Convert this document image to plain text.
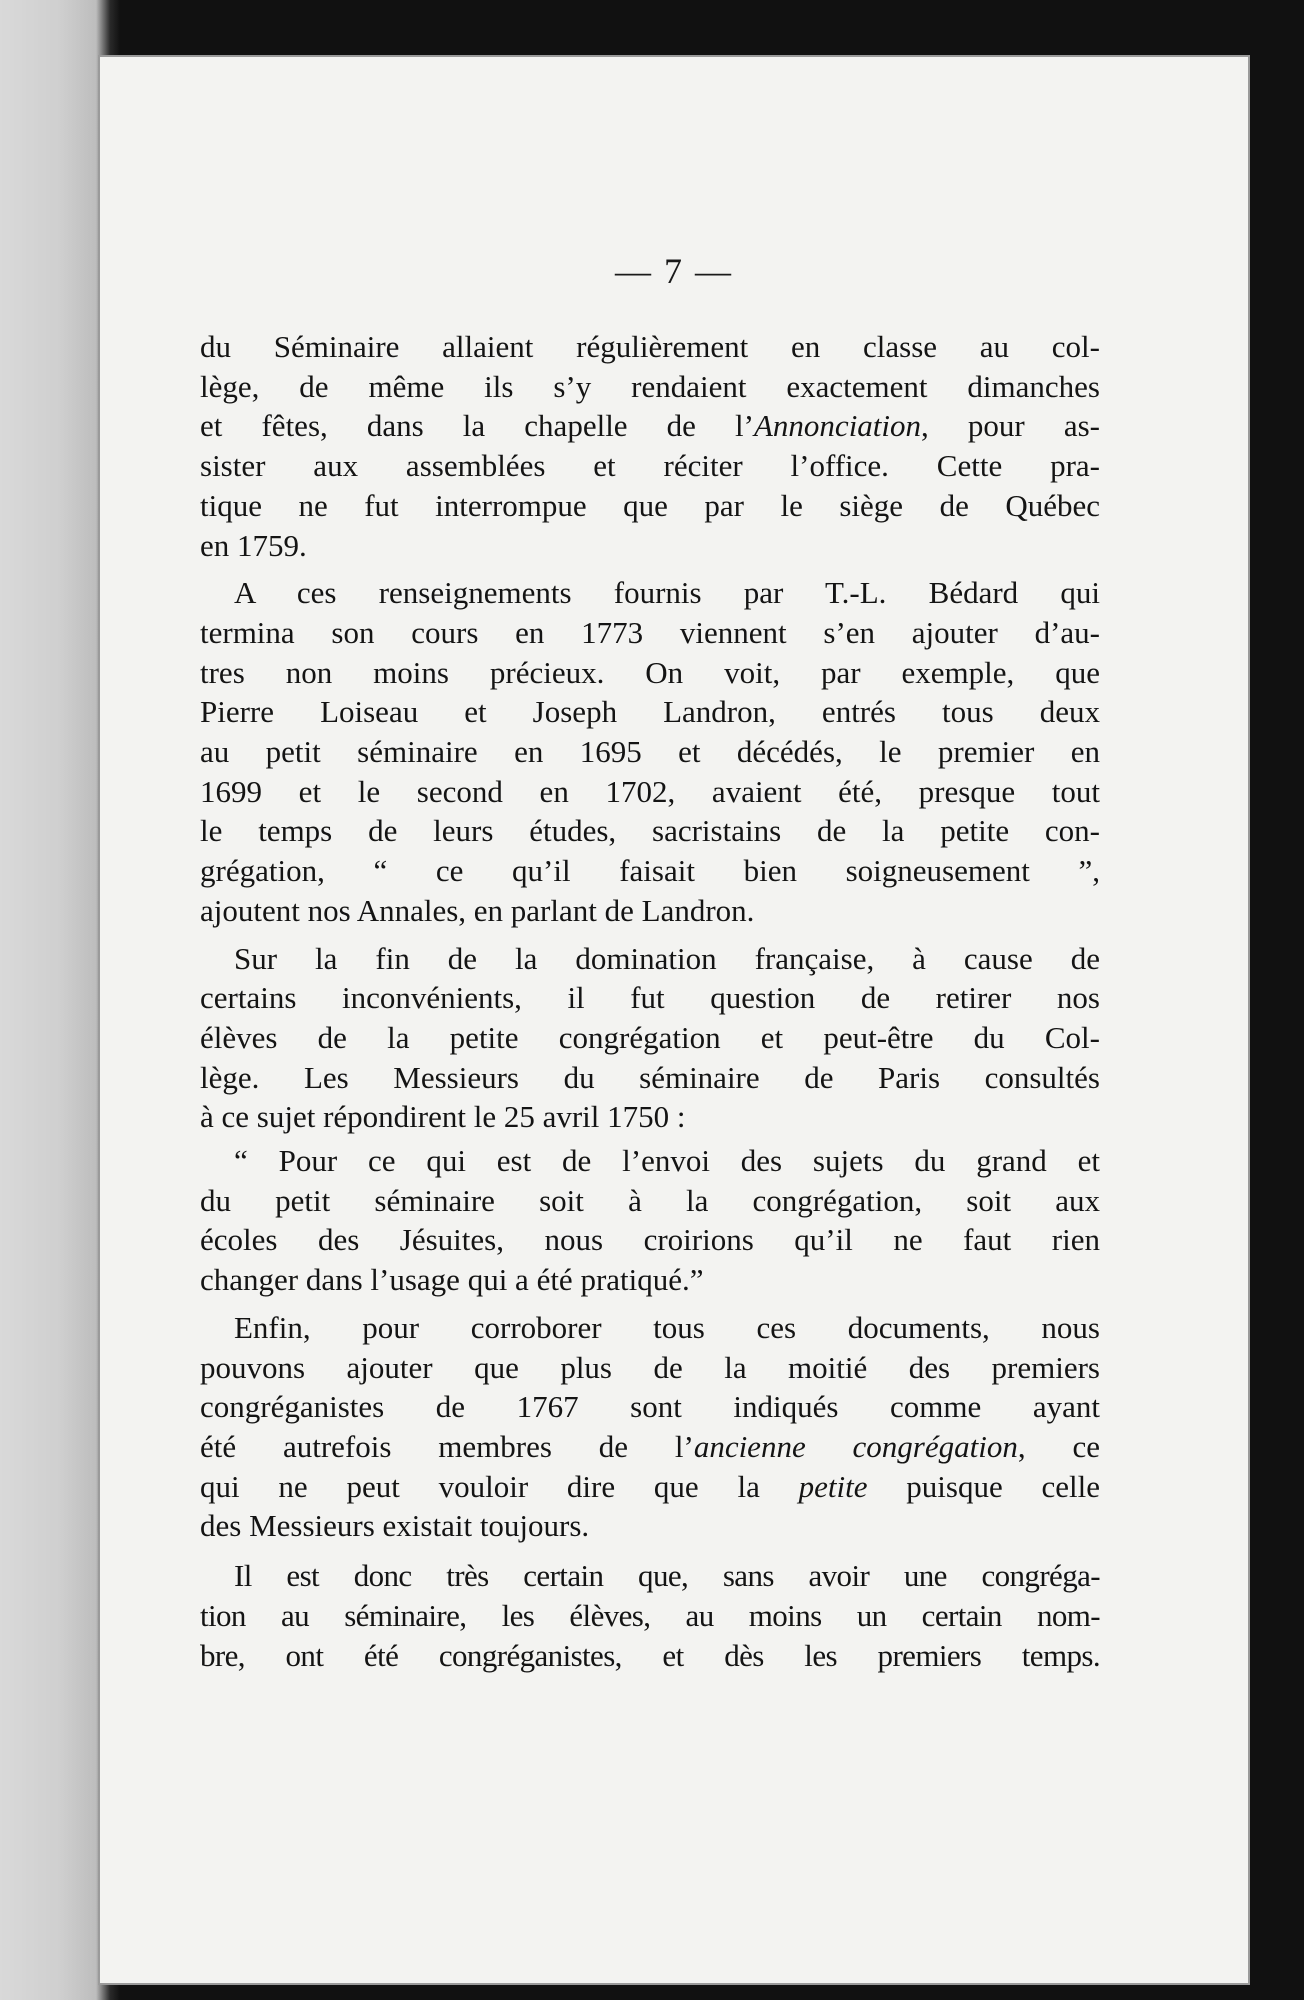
— 7 —

du Séminaire allaient régulièrement en classe au col-
lège, de même ils s’y rendaient exactement dimanches
et fêtes, dans la chapelle de l’Annonciation, pour as-
sister aux assemblées et réciter l’office. Cette pra-
tique ne fut interrompue que par le siège de Québec
en 1759.

A ces renseignements fournis par T.-L. Bédard qui
termina son cours en 1773 viennent s’en ajouter d’au-
tres non moins précieux. On voit, par exemple, que
Pierre Loiseau et Joseph Landron, entrés tous deux
au petit séminaire en 1695 et décédés, le premier en
1699 et le second en 1702, avaient été, presque tout
le temps de leurs études, sacristains de la petite con-
grégation, “ ce qu’il faisait bien soigneusement ”,
ajoutent nos Annales, en parlant de Landron.

Sur la fin de la domination française, à cause de
certains inconvénients, il fut question de retirer nos
élèves de la petite congrégation et peut-être du Col-
lège. Les Messieurs du séminaire de Paris consultés
à ce sujet répondirent le 25 avril 1750 :

“ Pour ce qui est de l’envoi des sujets du grand et
du petit séminaire soit à la congrégation, soit aux
écoles des Jésuites, nous croirions qu’il ne faut rien
changer dans l’usage qui a été pratiqué.”

Enfin, pour corroborer tous ces documents, nous
pouvons ajouter que plus de la moitié des premiers
congréganistes de 1767 sont indiqués comme ayant
été autrefois membres de l’ancienne congrégation, ce
qui ne peut vouloir dire que la petite puisque celle
des Messieurs existait toujours.

Il est donc très certain que, sans avoir une congréga-
tion au séminaire, les élèves, au moins un certain nom-
bre, ont été congréganistes, et dès les premiers temps.
